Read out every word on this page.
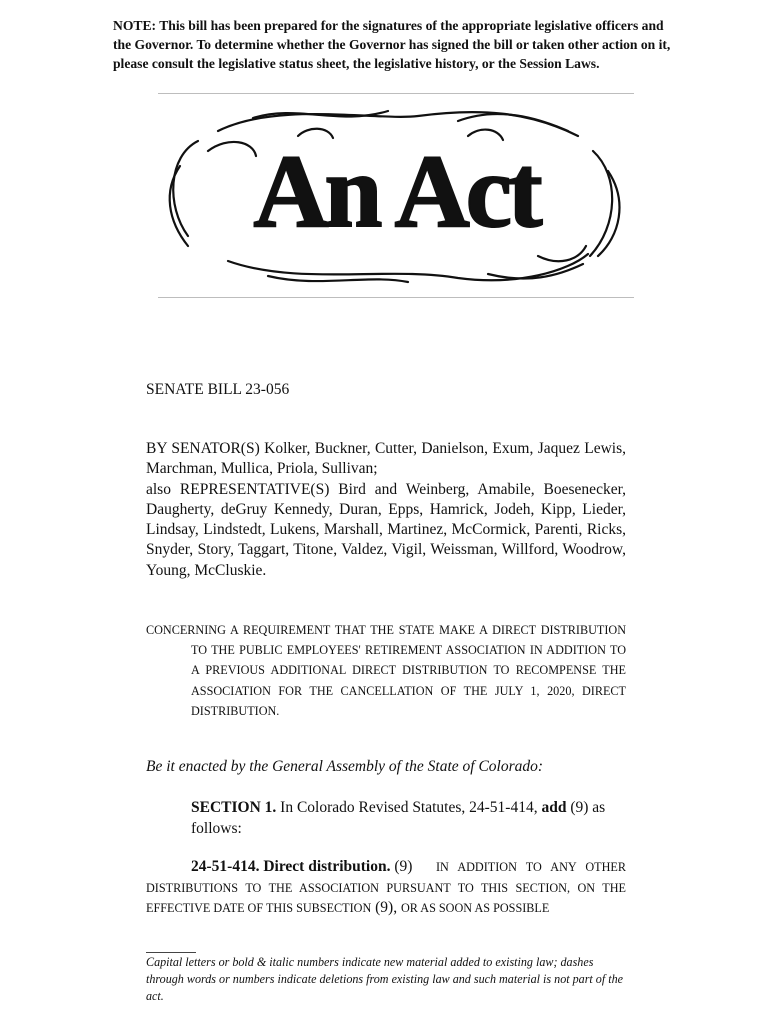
NOTE: This bill has been prepared for the signatures of the appropriate legislative officers and the Governor. To determine whether the Governor has signed the bill or taken other action on it, please consult the legislative status sheet, the legislative history, or the Session Laws.
An Act
SENATE BILL 23-056

BY SENATOR(S) Kolker, Buckner, Cutter, Danielson, Exum, Jaquez Lewis, Marchman, Mullica, Priola, Sullivan;

also REPRESENTATIVE(S) Bird and Weinberg, Amabile, Boesenecker, Daugherty, deGruy Kennedy, Duran, Epps, Hamrick, Jodeh, Kipp, Lieder, Lindsay, Lindstedt, Lukens, Marshall, Martinez, McCormick, Parenti, Ricks, Snyder, Story, Taggart, Titone, Valdez, Vigil, Weissman, Willford, Woodrow, Young, McCluskie.

CONCERNING A REQUIREMENT THAT THE STATE MAKE A DIRECT DISTRIBUTION TO THE PUBLIC EMPLOYEES' RETIREMENT ASSOCIATION IN ADDITION TO A PREVIOUS ADDITIONAL DIRECT DISTRIBUTION TO RECOMPENSE THE ASSOCIATION FOR THE CANCELLATION OF THE JULY 1, 2020, DIRECT DISTRIBUTION.
Be it enacted by the General Assembly of the State of Colorado:
SECTION 1. In Colorado Revised Statutes, 24-51-414, add (9) as follows:
24-51-414. Direct distribution. (9)	IN ADDITION TO ANY OTHER DISTRIBUTIONS TO THE ASSOCIATION PURSUANT TO THIS SECTION, ON THE EFFECTIVE DATE OF THIS SUBSECTION (9), OR AS SOON AS POSSIBLE
Capital letters or bold & italic numbers indicate new material added to existing law; dashes through words or numbers indicate deletions from existing law and such material is not part of the act.
